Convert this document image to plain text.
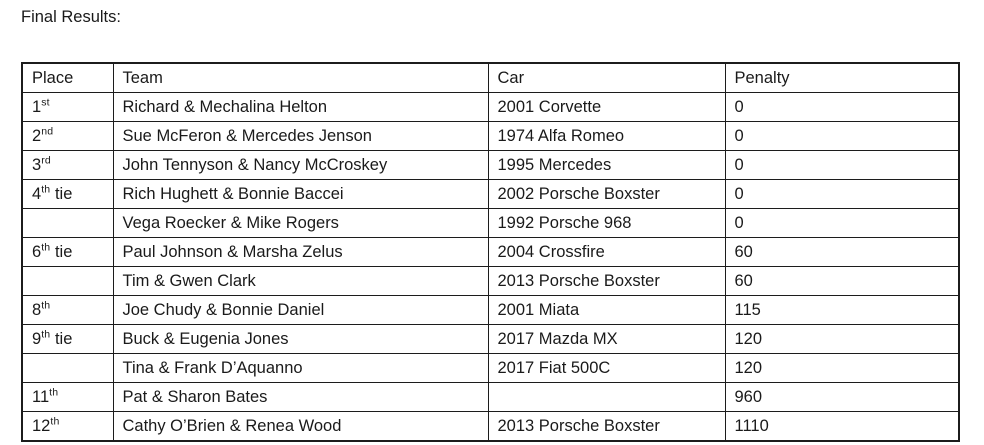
Final Results:

Place	Team	Car	Penalty
1st	Richard & Mechalina Helton	2001 Corvette	0
2nd	Sue McFeron & Mercedes Jenson	1974 Alfa Romeo	0
3rd	John Tennyson & Nancy McCroskey	1995 Mercedes	0
4th tie	Rich Hughett & Bonnie Baccei	2002 Porsche Boxster	0
	Vega Roecker & Mike Rogers	1992 Porsche 968	0
6th tie	Paul Johnson & Marsha Zelus	2004 Crossfire	60
	Tim & Gwen Clark	2013 Porsche Boxster	60
8th	Joe Chudy & Bonnie Daniel	2001 Miata	115
9th tie	Buck & Eugenia Jones	2017 Mazda MX	120
	Tina & Frank D’Aquanno	2017 Fiat 500C	120
11th	Pat & Sharon Bates		960
12th	Cathy O’Brien & Renea Wood	2013 Porsche Boxster	1110
